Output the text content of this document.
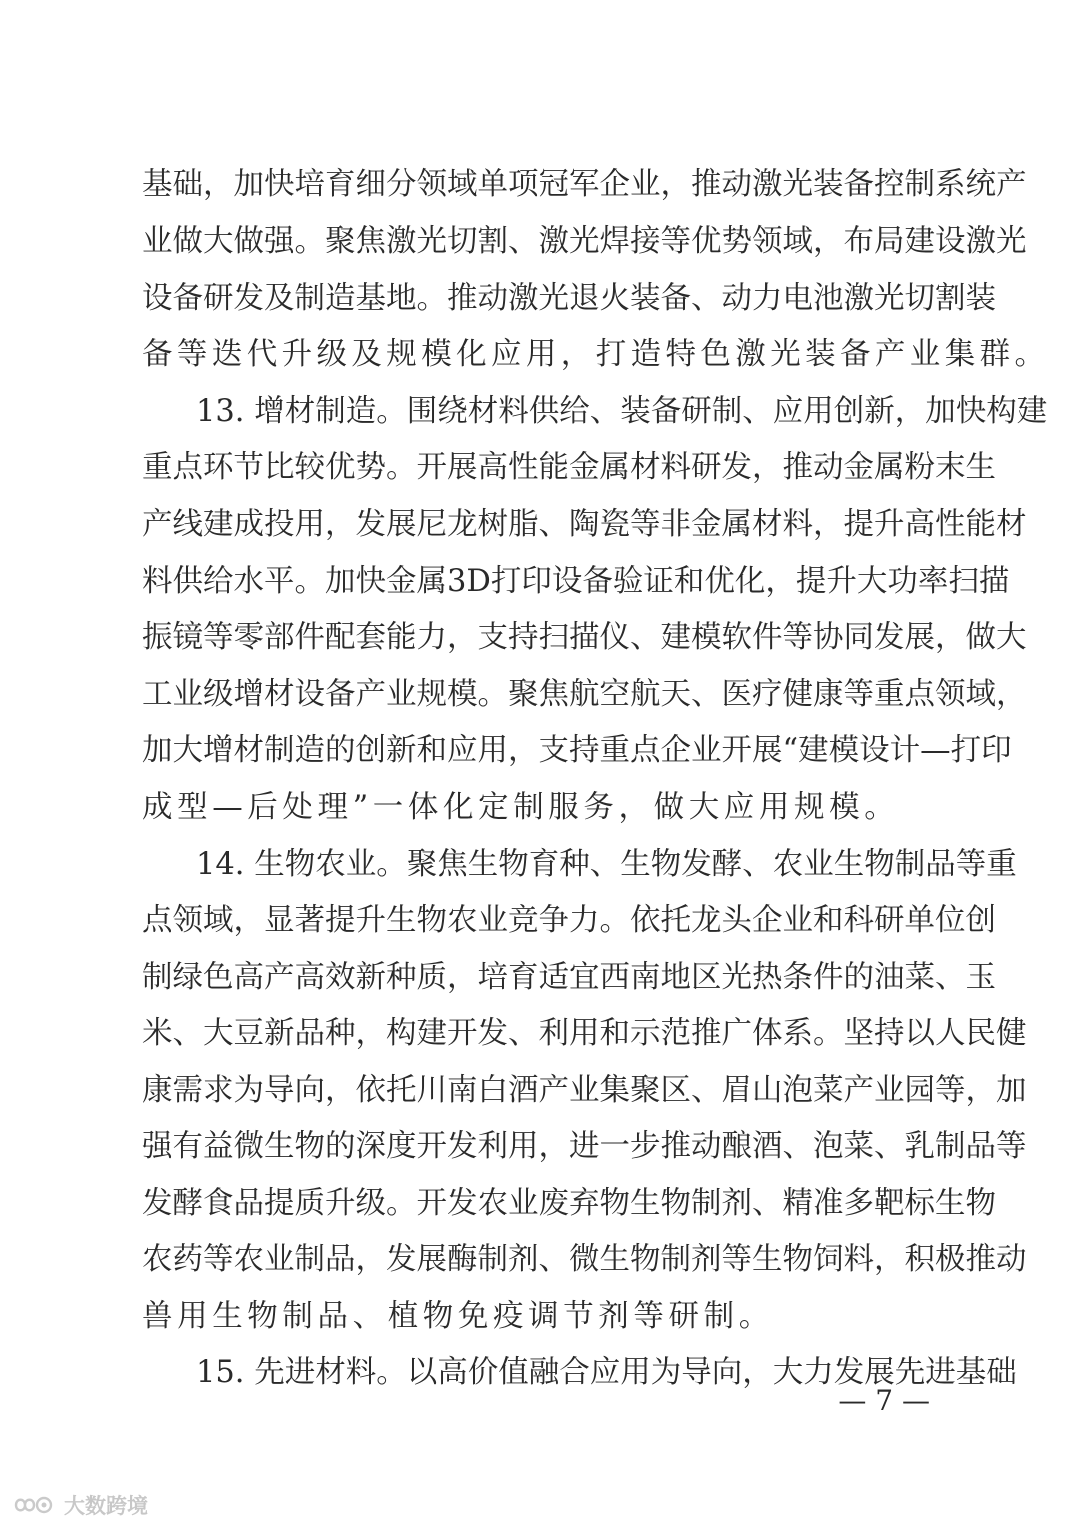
基础，加快培育细分领域单项冠军企业，推动激光装备控制系统产
业做大做强。聚焦激光切割、激光焊接等优势领域，布局建设激光
设备研发及制造基地。推动激光退火装备、动力电池激光切割装
备等迭代升级及规模化应用，打造特色激光装备产业集群。
13. 增材制造。围绕材料供给、装备研制、应用创新，加快构建
重点环节比较优势。开展高性能金属材料研发，推动金属粉末生
产线建成投用，发展尼龙树脂、陶瓷等非金属材料，提升高性能材
料供给水平。加快金属3D打印设备验证和优化，提升大功率扫描
振镜等零部件配套能力，支持扫描仪、建模软件等协同发展，做大
工业级增材设备产业规模。聚焦航空航天、医疗健康等重点领域，
加大增材制造的创新和应用，支持重点企业开展“建模设计—打印
成型—后处理”一体化定制服务，做大应用规模。
14. 生物农业。聚焦生物育种、生物发酵、农业生物制品等重
点领域，显著提升生物农业竞争力。依托龙头企业和科研单位创
制绿色高产高效新种质，培育适宜西南地区光热条件的油菜、玉
米、大豆新品种，构建开发、利用和示范推广体系。坚持以人民健
康需求为导向，依托川南白酒产业集聚区、眉山泡菜产业园等，加
强有益微生物的深度开发利用，进一步推动酿酒、泡菜、乳制品等
发酵食品提质升级。开发农业废弃物生物制剂、精准多靶标生物
农药等农业制品，发展酶制剂、微生物制剂等生物饲料，积极推动
兽用生物制品、植物免疫调节剂等研制。
15. 先进材料。以高价值融合应用为导向，大力发展先进基础
— 7 —
大数跨境
